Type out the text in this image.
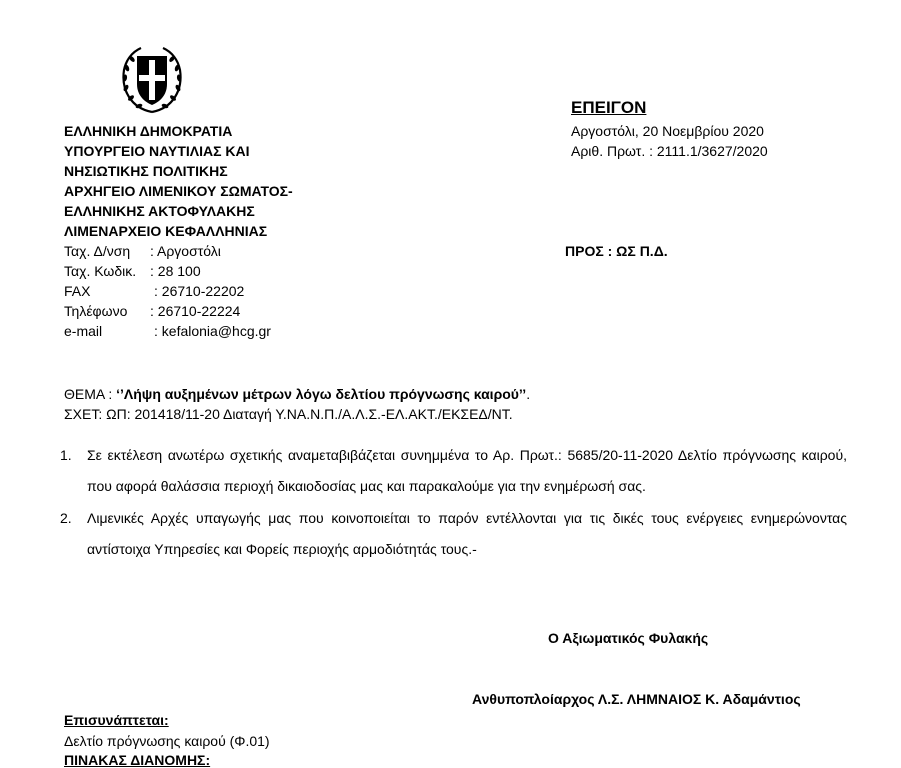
ΕΠΕΙΓΟΝ
ΕΛΛΗΝΙΚΗ ΔΗΜΟΚΡΑΤΙΑ
ΥΠΟΥΡΓΕΙΟ ΝΑΥΤΙΛΙΑΣ ΚΑΙ
ΝΗΣΙΩΤΙΚΗΣ ΠΟΛΙΤΙΚΗΣ
ΑΡΧΗΓΕΙΟ ΛΙΜΕΝΙΚΟΥ ΣΩΜΑΤΟΣ-
ΕΛΛΗΝΙΚΗΣ ΑΚΤΟΦΥΛΑΚΗΣ
ΛΙΜΕΝΑΡΧΕΙΟ ΚΕΦΑΛΛΗΝΙΑΣ
Ταχ. Δ/νση : Αργοστόλι
Ταχ. Κωδικ. : 28 100
FAX	: 26710-22202
Τηλέφωνο : 26710-22224
e-mail	: kefalonia@hcg.gr
Αργοστόλι, 20 Νοεμβρίου 2020
Αριθ. Πρωτ. : 2111.1/3627/2020
ΠΡΟΣ : ΩΣ Π.Δ.
ΘΕΜΑ : ‘’Λήψη αυξημένων μέτρων λόγω δελτίου πρόγνωσης καιρού’’.
ΣΧΕΤ: ΩΠ: 201418/11-20 Διαταγή Υ.ΝΑ.Ν.Π./Α.Λ.Σ.-ΕΛ.ΑΚΤ./ΕΚΣΕΔ/ΝΤ.
1. Σε εκτέλεση ανωτέρω σχετικής αναμεταβιβάζεται συνημμένα το Αρ. Πρωτ.: 5685/20-11-2020 Δελτίο πρόγνωσης καιρού, που αφορά θαλάσσια περιοχή δικαιοδοσίας μας και παρακαλούμε για την ενημέρωσή σας.
2. Λιμενικές Αρχές υπαγωγής μας που κοινοποιείται το παρόν εντέλλονται για τις δικές τους ενέργειες ενημερώνοντας αντίστοιχα Υπηρεσίες και Φορείς περιοχής αρμοδιότητάς τους.-
Ο Αξιωματικός Φυλακής
Ανθυποπλοίαρχος Λ.Σ. ΛΗΜΝΑΙΟΣ Κ. Αδαμάντιος
Επισυνάπτεται:
Δελτίο πρόγνωσης καιρού (Φ.01)
ΠΙΝΑΚΑΣ ΔΙΑΝΟΜΗΣ:
